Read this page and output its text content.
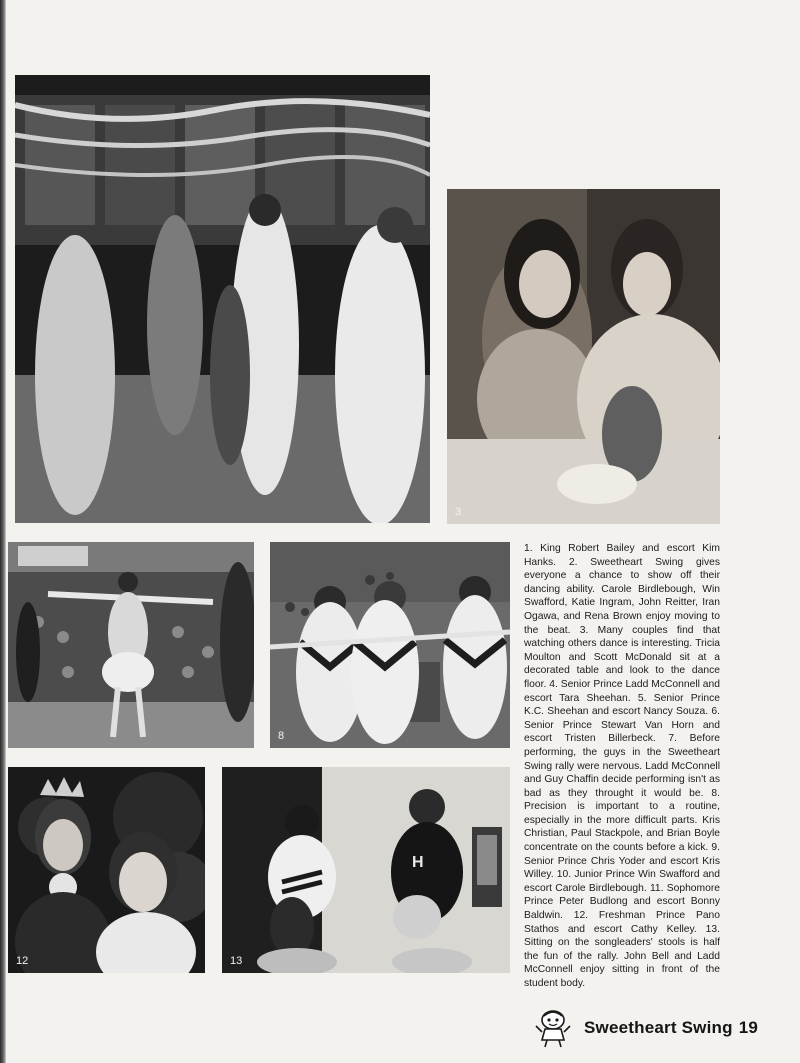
3
8
12
H
13

1. King Robert Bailey and escort Kim Hanks. 2. Sweetheart Swing gives everyone a chance to show off their dancing ability. Carole Birdlebough, Win Swafford, Katie Ingram, John Reitter, Iran Ogawa, and Rena Brown enjoy moving to the beat. 3. Many couples find that watching others dance is interesting. Tricia Moulton and Scott McDonald sit at a decorated table and look to the dance floor. 4. Senior Prince Ladd McConnell and escort Tara Sheehan. 5. Senior Prince K.C. Sheehan and escort Nancy Souza. 6. Senior Prince Stewart Van Horn and escort Tristen Billerbeck. 7. Before performing, the guys in the Sweetheart Swing rally were nervous. Ladd McConnell and Guy Chaffin decide performing isn't as bad as they throught it would be. 8. Precision is important to a routine, especially in the more difficult parts. Kris Christian, Paul Stackpole, and Brian Boyle concentrate on the counts before a kick. 9. Senior Prince Chris Yoder and escort Kris Willey. 10. Junior Prince Win Swafford and escort Carole Birdlebough. 11. Sophomore Prince Peter Budlong and escort Bonny Baldwin. 12. Freshman Prince Pano Stathos and escort Cathy Kelley. 13. Sitting on the songleaders' stools is half the fun of the rally. John Bell and Ladd McConnell enjoy sitting in front of the student body.

Sweetheart Swing 19
